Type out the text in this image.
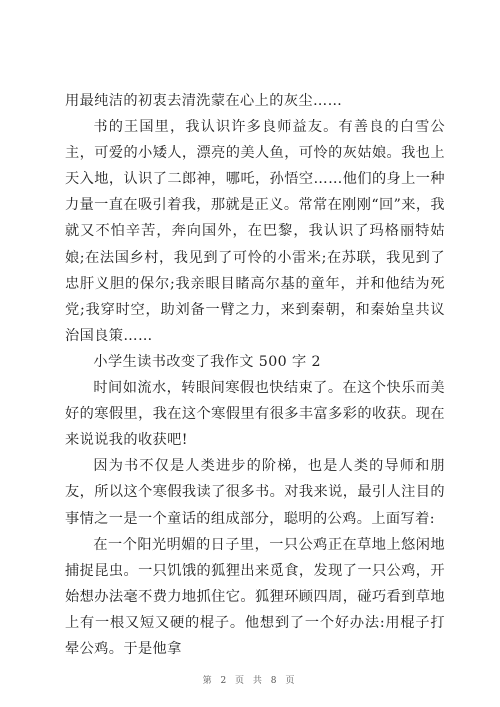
用最纯洁的初衷去清洗蒙在心上的灰尘……

书的王国里，我认识许多良师益友。有善良的白雪公主，可爱的小矮人，漂亮的美人鱼，可怜的灰姑娘。我也上天入地，认识了二郎神，哪吒，孙悟空……他们的身上一种力量一直在吸引着我，那就是正义。常常在刚刚“回”来，我就又不怕辛苦，奔向国外，在巴黎，我认识了玛格丽特姑娘;在法国乡村，我见到了可怜的小雷米;在苏联，我见到了忠肝义胆的保尔;我亲眼目睹高尔基的童年，并和他结为死党;我穿时空，助刘备一臂之力，来到秦朝，和秦始皇共议治国良策……

小学生读书改变了我作文 500 字 2

时间如流水，转眼间寒假也快结束了。在这个快乐而美好的寒假里，我在这个寒假里有很多丰富多彩的收获。现在来说说我的收获吧!

因为书不仅是人类进步的阶梯，也是人类的导师和朋友，所以这个寒假我读了很多书。对我来说，最引人注目的事情之一是一个童话的组成部分，聪明的公鸡。上面写着:

在一个阳光明媚的日子里，一只公鸡正在草地上悠闲地捕捉昆虫。一只饥饿的狐狸出来觅食，发现了一只公鸡，开始想办法毫不费力地抓住它。狐狸环顾四周，碰巧看到草地上有一根又短又硬的棍子。他想到了一个好办法:用棍子打晕公鸡。于是他拿

第 2 页 共 8 页
